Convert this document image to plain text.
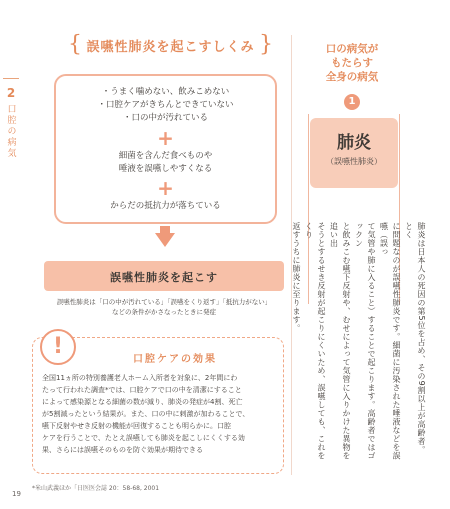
2
口腔の病気
{ 誤嚥性肺炎を起こすしくみ }
・うまく噛めない、飲みこめない
・口腔ケアがきちんとできていない
・口の中が汚れている
+
細菌を含んだ食べものや
唾液を誤嚥しやすくなる
+
からだの抵抗力が落ちている
誤嚥性肺炎を起こす
誤嚥性肺炎は「口の中が汚れている」「誤嚥をくり返す」「抵抗力がない」
などの条件がかさなったときに発症
!
口腔ケアの効果

全国11ヵ所の特別養護老人ホーム入所者を対象に、2年間にわ

たって行われた調査*では、口腔ケアで口の中を清潔にすること

によって感染源となる細菌の数が減り、肺炎の発症が4割、死亡

が5割減ったという結果が。また、口の中に刺激が加わることで、

嚥下反射やせき反射の機能が回復することも明らかに。口腔

ケアを行うことで、たとえ誤嚥しても肺炎を起こしにくくする効

果、さらには誤嚥そのものを防ぐ効果が期待できる

*米山武義ほか「日医医会誌 20：58-68, 2001
19
口の病気が
もたらす
全身の病気
1
肺炎
（誤嚥性肺炎）

肺炎は日本人の死因の第5位を占め、その9割以上が高齢者。とく

に問題なのが誤嚥性肺炎です。細菌に汚染された唾液などを誤嚥（誤っ

て気管や肺に入ること）することで起こります。高齢者ではゴックン

と飲みこむ嚥下反射や、むせによって気管に入りかけた異物を追い出

そうとするせき反射が起こりにくいため、誤嚥しても、これをくり

返すうちに肺炎に至ります。
